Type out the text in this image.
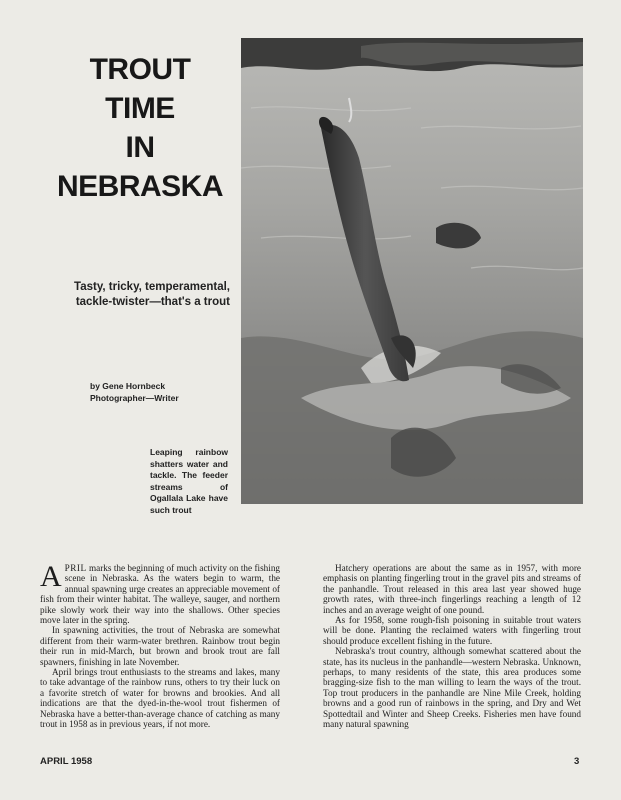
TROUT
TIME
IN
NEBRASKA
Tasty, tricky, temperamental, tackle-twister—that's a trout
by Gene Hornbeck
Photographer—Writer
Leaping rainbow shatters water and tackle. The feeder streams of Ogallala Lake have such trout

APRIL marks the beginning of much activity on the fishing scene in Nebraska. As the waters begin to warm, the annual spawning urge creates an appreciable movement of fish from their winter habitat. The walleye, sauger, and northern pike slowly work their way into the shallows. Other species move later in the spring.

In spawning activities, the trout of Nebraska are somewhat different from their warm-water brethren. Rainbow trout begin their run in mid-March, but brown and brook trout are fall spawners, finishing in late November.

April brings trout enthusiasts to the streams and lakes, many to take advantage of the rainbow runs, others to try their luck on a favorite stretch of water for browns and brookies. And all indications are that the dyed-in-the-wool trout fishermen of Nebraska have a better-than-average chance of catching as many trout in 1958 as in previous years, if not more.

Hatchery operations are about the same as in 1957, with more emphasis on planting fingerling trout in the gravel pits and streams of the panhandle. Trout released in this area last year showed huge growth rates, with three-inch fingerlings reaching a length of 12 inches and an average weight of one pound.

As for 1958, some rough-fish poisoning in suitable trout waters will be done. Planting the reclaimed waters with fingerling trout should produce excellent fishing in the future.

Nebraska's trout country, although somewhat scattered about the state, has its nucleus in the panhandle—western Nebraska. Unknown, perhaps, to many residents of the state, this area produces some bragging-size fish to the man willing to learn the ways of the trout. Top trout producers in the panhandle are Nine Mile Creek, holding browns and a good run of rainbows in the spring, and Dry and Wet Spottedtail and Winter and Sheep Creeks. Fisheries men have found many natural spawning

APRIL 1958	3
